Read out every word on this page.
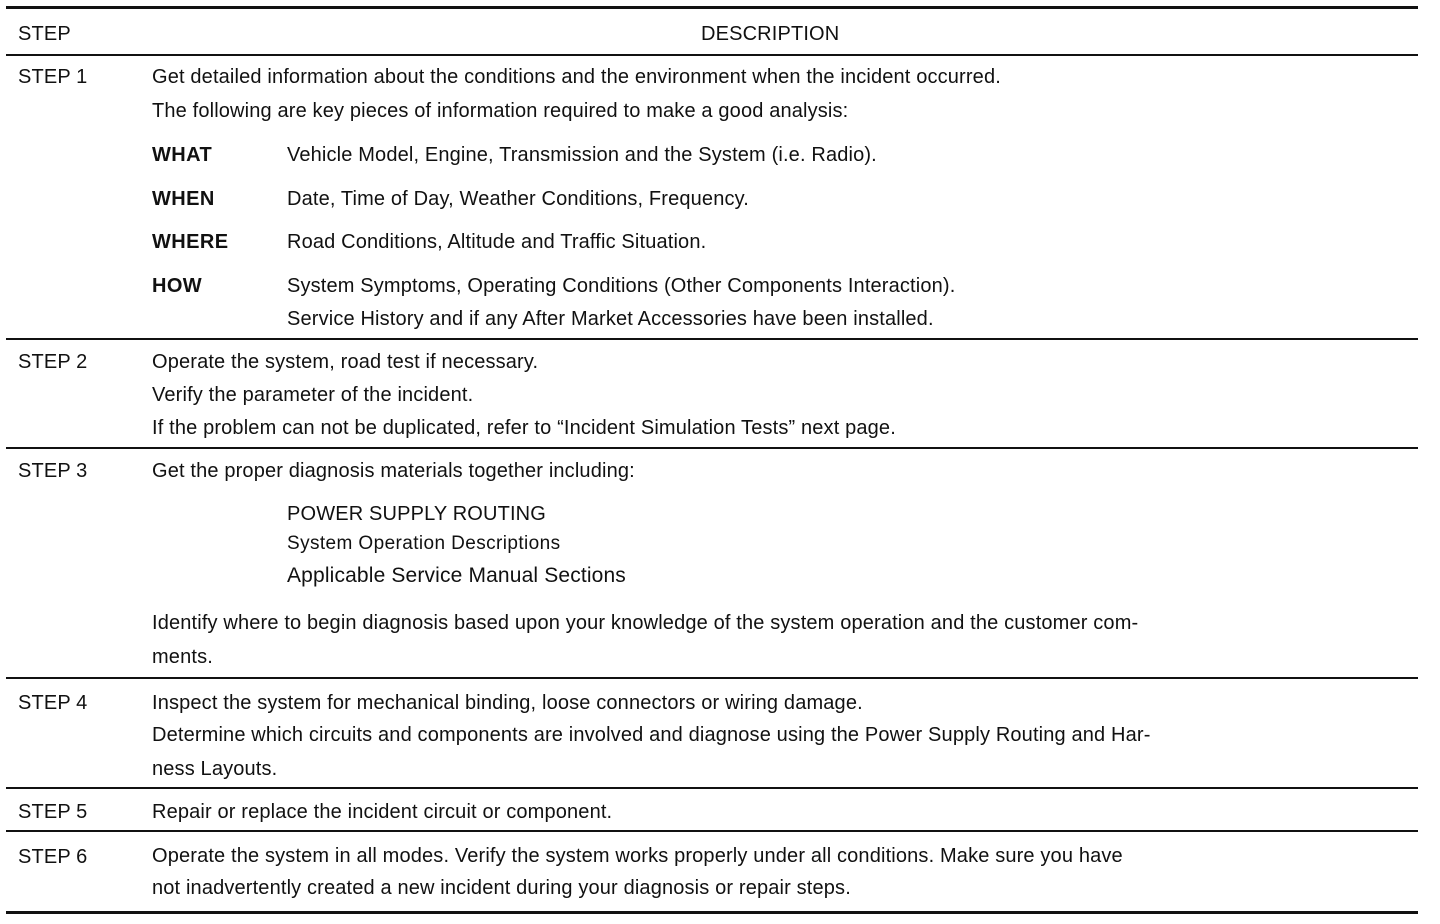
STEP	DESCRIPTION
STEP 1	Get detailed information about the conditions and the environment when the incident occurred.
The following are key pieces of information required to make a good analysis:
WHAT	Vehicle Model, Engine, Transmission and the System (i.e. Radio).
WHEN	Date, Time of Day, Weather Conditions, Frequency.
WHERE	Road Conditions, Altitude and Traffic Situation.
HOW	System Symptoms, Operating Conditions (Other Components Interaction).
Service History and if any After Market Accessories have been installed.
STEP 2	Operate the system, road test if necessary.
Verify the parameter of the incident.
If the problem can not be duplicated, refer to “Incident Simulation Tests” next page.
STEP 3	Get the proper diagnosis materials together including:
POWER SUPPLY ROUTING
System Operation Descriptions
Applicable Service Manual Sections
Identify where to begin diagnosis based upon your knowledge of the system operation and the customer com-
ments.
STEP 4	Inspect the system for mechanical binding, loose connectors or wiring damage.
Determine which circuits and components are involved and diagnose using the Power Supply Routing and Har-
ness Layouts.
STEP 5	Repair or replace the incident circuit or component.
STEP 6	Operate the system in all modes. Verify the system works properly under all conditions. Make sure you have
not inadvertently created a new incident during your diagnosis or repair steps.
